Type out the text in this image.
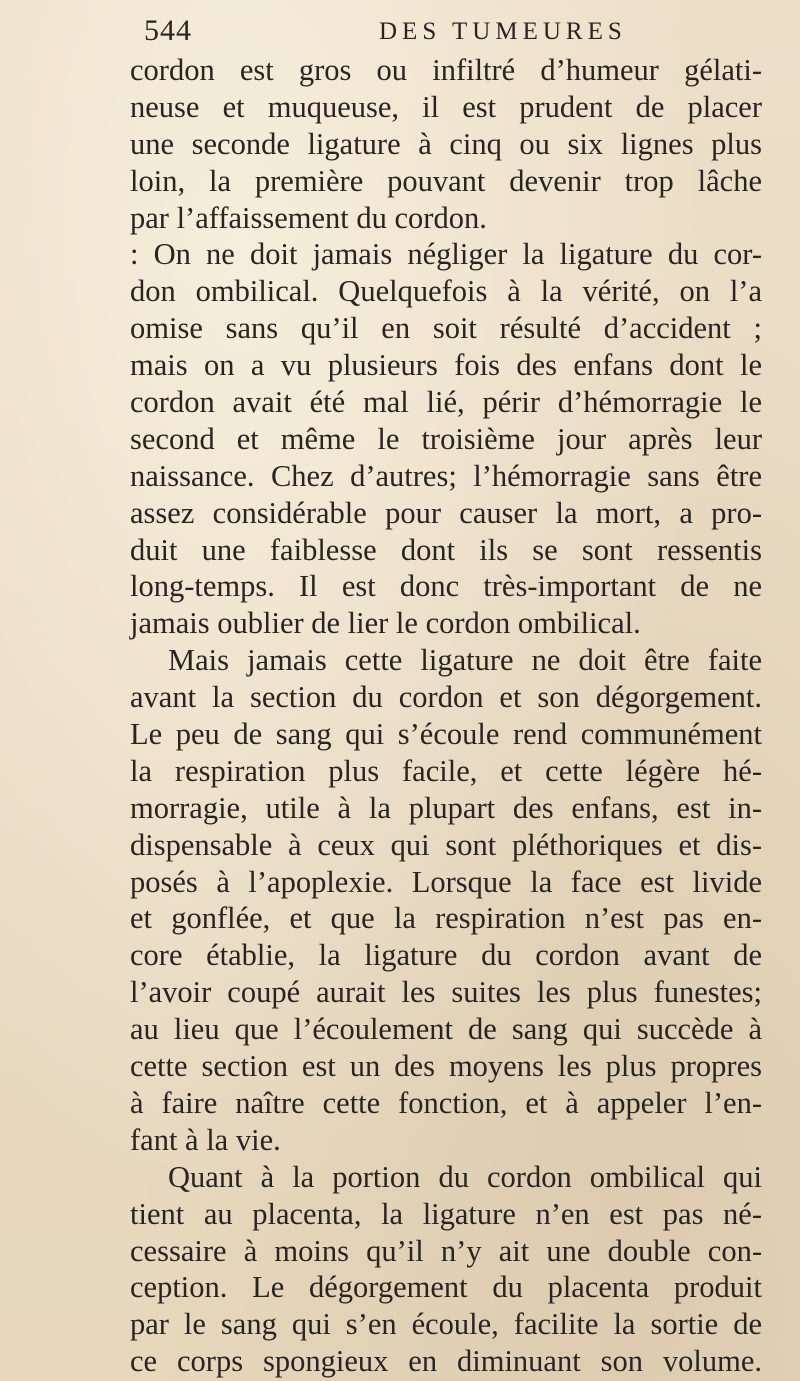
544	DES TUMEURES
cordon est gros ou infiltré d’humeur gélati-
neuse et muqueuse, il est prudent de placer
une seconde ligature à cinq ou six lignes plus
loin, la première pouvant devenir trop lâche
par l’affaissement du cordon.
: On ne doit jamais négliger la ligature du cor-
don ombilical. Quelquefois à la vérité, on l’a
omise sans qu’il en soit résulté d’accident ;
mais on a vu plusieurs fois des enfans dont le
cordon avait été mal lié, périr d’hémorragie le
second et même le troisième jour après leur
naissance. Chez d’autres; l’hémorragie sans être
assez considérable pour causer la mort, a pro-
duit une faiblesse dont ils se sont ressentis
long-temps. Il est donc très-important de ne
jamais oublier de lier le cordon ombilical.
Mais jamais cette ligature ne doit être faite
avant la section du cordon et son dégorgement.
Le peu de sang qui s’écoule rend communément
la respiration plus facile, et cette légère hé-
morragie, utile à la plupart des enfans, est in-
dispensable à ceux qui sont pléthoriques et dis-
posés à l’apoplexie. Lorsque la face est livide
et gonflée, et que la respiration n’est pas en-
core établie, la ligature du cordon avant de
l’avoir coupé aurait les suites les plus funestes;
au lieu que l’écoulement de sang qui succède à
cette section est un des moyens les plus propres
à faire naître cette fonction, et à appeler l’en-
fant à la vie.
Quant à la portion du cordon ombilical qui
tient au placenta, la ligature n’en est pas né-
cessaire à moins qu’il n’y ait une double con-
ception. Le dégorgement du placenta produit
par le sang qui s’en écoule, facilite la sortie de
ce corps spongieux en diminuant son volume.
